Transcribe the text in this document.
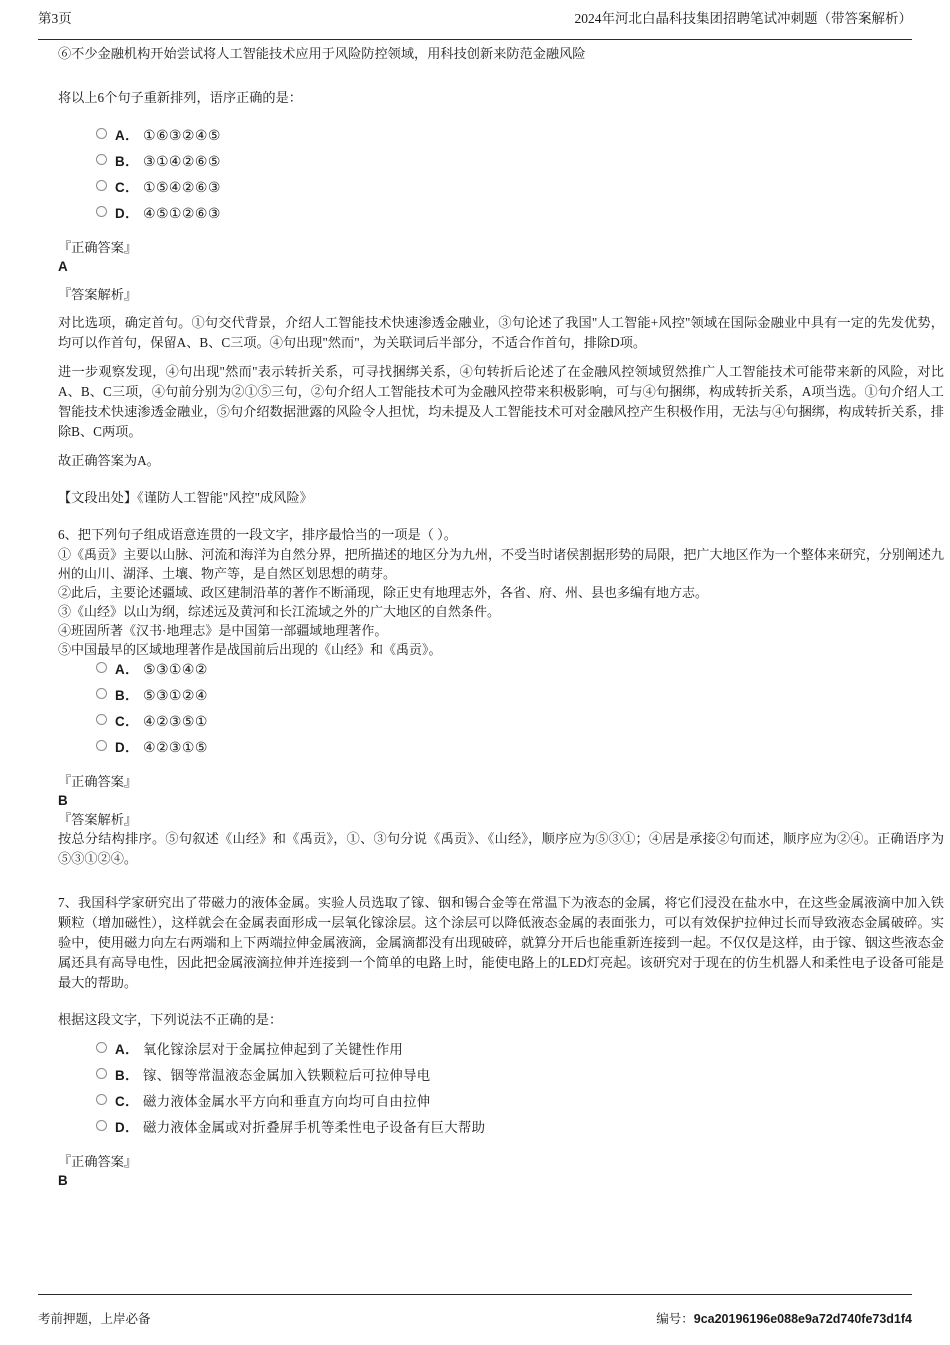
第3页	2024年河北白晶科技集团招聘笔试冲刺题（带答案解析）
⑥不少金融机构开始尝试将人工智能技术应用于风险防控领域，用科技创新来防范金融风险
将以上6个句子重新排列，语序正确的是：
A． ①⑥③②④⑤
B． ③①④②⑥⑤
C． ①⑤④②⑥③
D． ④⑤①②⑥③
『正确答案』
A
『答案解析』
对比选项，确定首句。①句交代背景，介绍人工智能技术快速渗透金融业，③句论述了我国"人工智能+风控"领域在国际金融业中具有一定的先发优势，均可以作首句，保留A、B、C三项。④句出现"然而"，为关联词后半部分，不适合作首句，排除D项。
进一步观察发现，④句出现"然而"表示转折关系，可寻找捆绑关系，④句转折后论述了在金融风控领域贸然推广人工智能技术可能带来新的风险，对比A、B、C三项，④句前分别为②①⑤三句，②句介绍人工智能技术可为金融风控带来积极影响，可与④句捆绑，构成转折关系，A项当选。①句介绍人工智能技术快速渗透金融业，⑤句介绍数据泄露的风险令人担忧，均未提及人工智能技术可对金融风控产生积极作用，无法与④句捆绑，构成转折关系，排除B、C两项。
故正确答案为A。
【文段出处】《谨防人工智能"风控"成风险》
6、把下列句子组成语意连贯的一段文字，排序最恰当的一项是（ ）。
①《禹贡》主要以山脉、河流和海洋为自然分界，把所描述的地区分为九州，不受当时诸侯割据形势的局限，把广大地区作为一个整体来研究，分别阐述九州的山川、湖泽、土壤、物产等，是自然区划思想的萌芽。
②此后，主要论述疆域、政区建制沿革的著作不断涌现，除正史有地理志外，各省、府、州、县也多编有地方志。
③《山经》以山为纲，综述远及黄河和长江流域之外的广大地区的自然条件。
④班固所著《汉书·地理志》是中国第一部疆域地理著作。
⑤中国最早的区域地理著作是战国前后出现的《山经》和《禹贡》。
A． ⑤③①④②
B． ⑤③①②④
C． ④②③⑤①
D． ④②③①⑤
『正确答案』
B
『答案解析』
按总分结构排序。⑤句叙述《山经》和《禹贡》，①、③句分说《禹贡》、《山经》，顺序应为⑤③①；④居是承接②句而述，顺序应为②④。正确语序为⑤③①②④。
7、我国科学家研究出了带磁力的液体金属。实验人员选取了镓、铟和锡合金等在常温下为液态的金属，将它们浸没在盐水中，在这些金属液滴中加入铁颗粒（增加磁性），这样就会在金属表面形成一层氧化镓涂层。这个涂层可以降低液态金属的表面张力，可以有效保护拉伸过长而导致液态金属破碎。实验中，使用磁力向左右两端和上下两端拉伸金属液滴，金属滴都没有出现破碎，就算分开后也能重新连接到一起。不仅仅是这样，由于镓、铟这些液态金属还具有高导电性，因此把金属液滴拉伸并连接到一个简单的电路上时，能使电路上的LED灯亮起。该研究对于现在的仿生机器人和柔性电子设备可能是最大的帮助。
根据这段文字，下列说法不正确的是：
A． 氧化镓涂层对于金属拉伸起到了关键性作用
B． 镓、铟等常温液态金属加入铁颗粒后可拉伸导电
C． 磁力液体金属水平方向和垂直方向均可自由拉伸
D． 磁力液体金属或对折叠屏手机等柔性电子设备有巨大帮助
『正确答案』
B
考前押题，上岸必备	编号：9ca20196196e088e9a72d740fe73d1f4
